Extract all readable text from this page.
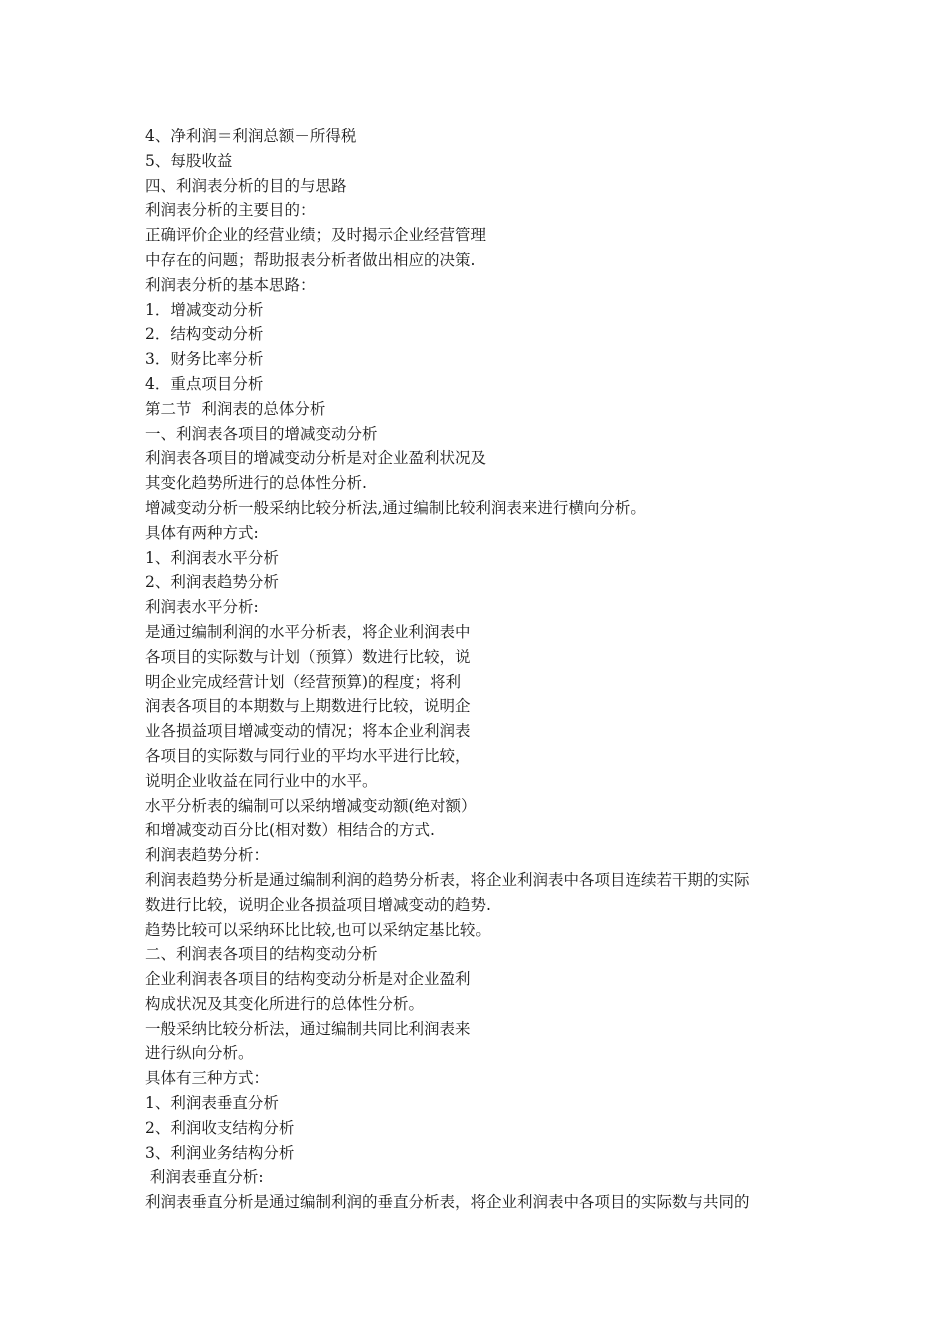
4、净利润＝利润总额－所得税
5、每股收益
四、利润表分析的目的与思路
利润表分析的主要目的：
正确评价企业的经营业绩；及时揭示企业经营管理
中存在的问题；帮助报表分析者做出相应的决策.
利润表分析的基本思路：
1．增减变动分析
2．结构变动分析
3．财务比率分析
4．重点项目分析
第二节  利润表的总体分析
一、利润表各项目的增减变动分析
利润表各项目的增减变动分析是对企业盈利状况及
其变化趋势所进行的总体性分析.
增减变动分析一般采纳比较分析法,通过编制比较利润表来进行横向分析。
具体有两种方式:
1、利润表水平分析
2、利润表趋势分析
利润表水平分析:
是通过编制利润的水平分析表，将企业利润表中
各项目的实际数与计划（预算）数进行比较，说
明企业完成经营计划（经营预算)的程度；将利
润表各项目的本期数与上期数进行比较，说明企
业各损益项目增减变动的情况；将本企业利润表
各项目的实际数与同行业的平均水平进行比较，
说明企业收益在同行业中的水平。
水平分析表的编制可以采纳增减变动额(绝对额）
和增减变动百分比(相对数）相结合的方式.
利润表趋势分析：
利润表趋势分析是通过编制利润的趋势分析表，将企业利润表中各项目连续若干期的实际
数进行比较，说明企业各损益项目增减变动的趋势.
趋势比较可以采纳环比比较,也可以采纳定基比较。
二、利润表各项目的结构变动分析
企业利润表各项目的结构变动分析是对企业盈利
构成状况及其变化所进行的总体性分析。
一般采纳比较分析法，通过编制共同比利润表来
进行纵向分析。
具体有三种方式：
1、利润表垂直分析
2、利润收支结构分析
3、利润业务结构分析
利润表垂直分析:
利润表垂直分析是通过编制利润的垂直分析表，将企业利润表中各项目的实际数与共同的
